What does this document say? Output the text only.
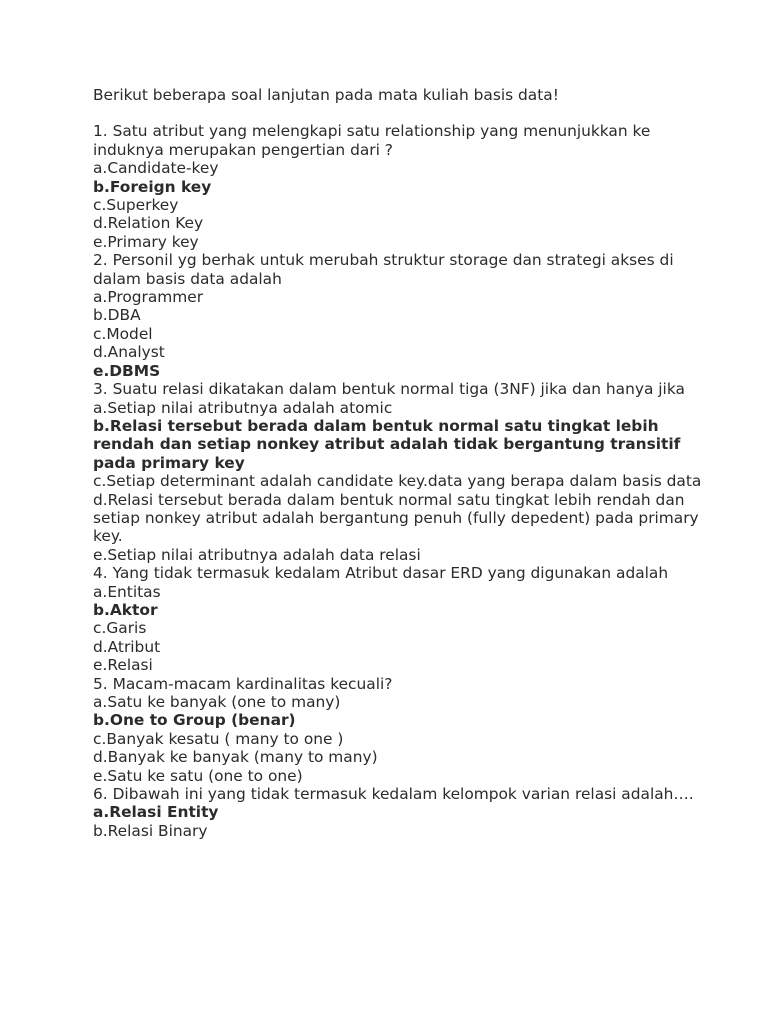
Berikut beberapa soal lanjutan pada mata kuliah basis data!
1. Satu atribut yang melengkapi satu relationship yang menunjukkan ke induknya merupakan pengertian dari ?
a.Candidate-key
b.Foreign key
c.Superkey
d.Relation Key
e.Primary key
2. Personil yg berhak untuk merubah struktur storage dan strategi akses di dalam basis data adalah
a.Programmer
b.DBA
c.Model
d.Analyst
e.DBMS
3. Suatu relasi dikatakan dalam bentuk normal tiga (3NF) jika dan hanya jika
a.Setiap nilai atributnya adalah atomic
b.Relasi tersebut berada dalam bentuk normal satu tingkat lebih rendah dan setiap nonkey atribut adalah tidak bergantung transitif pada primary key
c.Setiap determinant adalah candidate key.data yang berapa dalam basis data
d.Relasi tersebut berada dalam bentuk normal satu tingkat lebih rendah dan setiap nonkey atribut adalah bergantung penuh (fully depedent) pada primary key.
e.Setiap nilai atributnya adalah data relasi
4. Yang tidak termasuk kedalam Atribut dasar ERD yang digunakan adalah
a.Entitas
b.Aktor
c.Garis
d.Atribut
e.Relasi
5. Macam-macam kardinalitas kecuali?
a.Satu ke banyak (one to many)
b.One to Group (benar)
c.Banyak kesatu ( many to one )
d.Banyak ke banyak (many to many)
e.Satu ke satu (one to one)
6. Dibawah ini yang tidak termasuk kedalam kelompok varian relasi adalah….
a.Relasi Entity
b.Relasi Binary
